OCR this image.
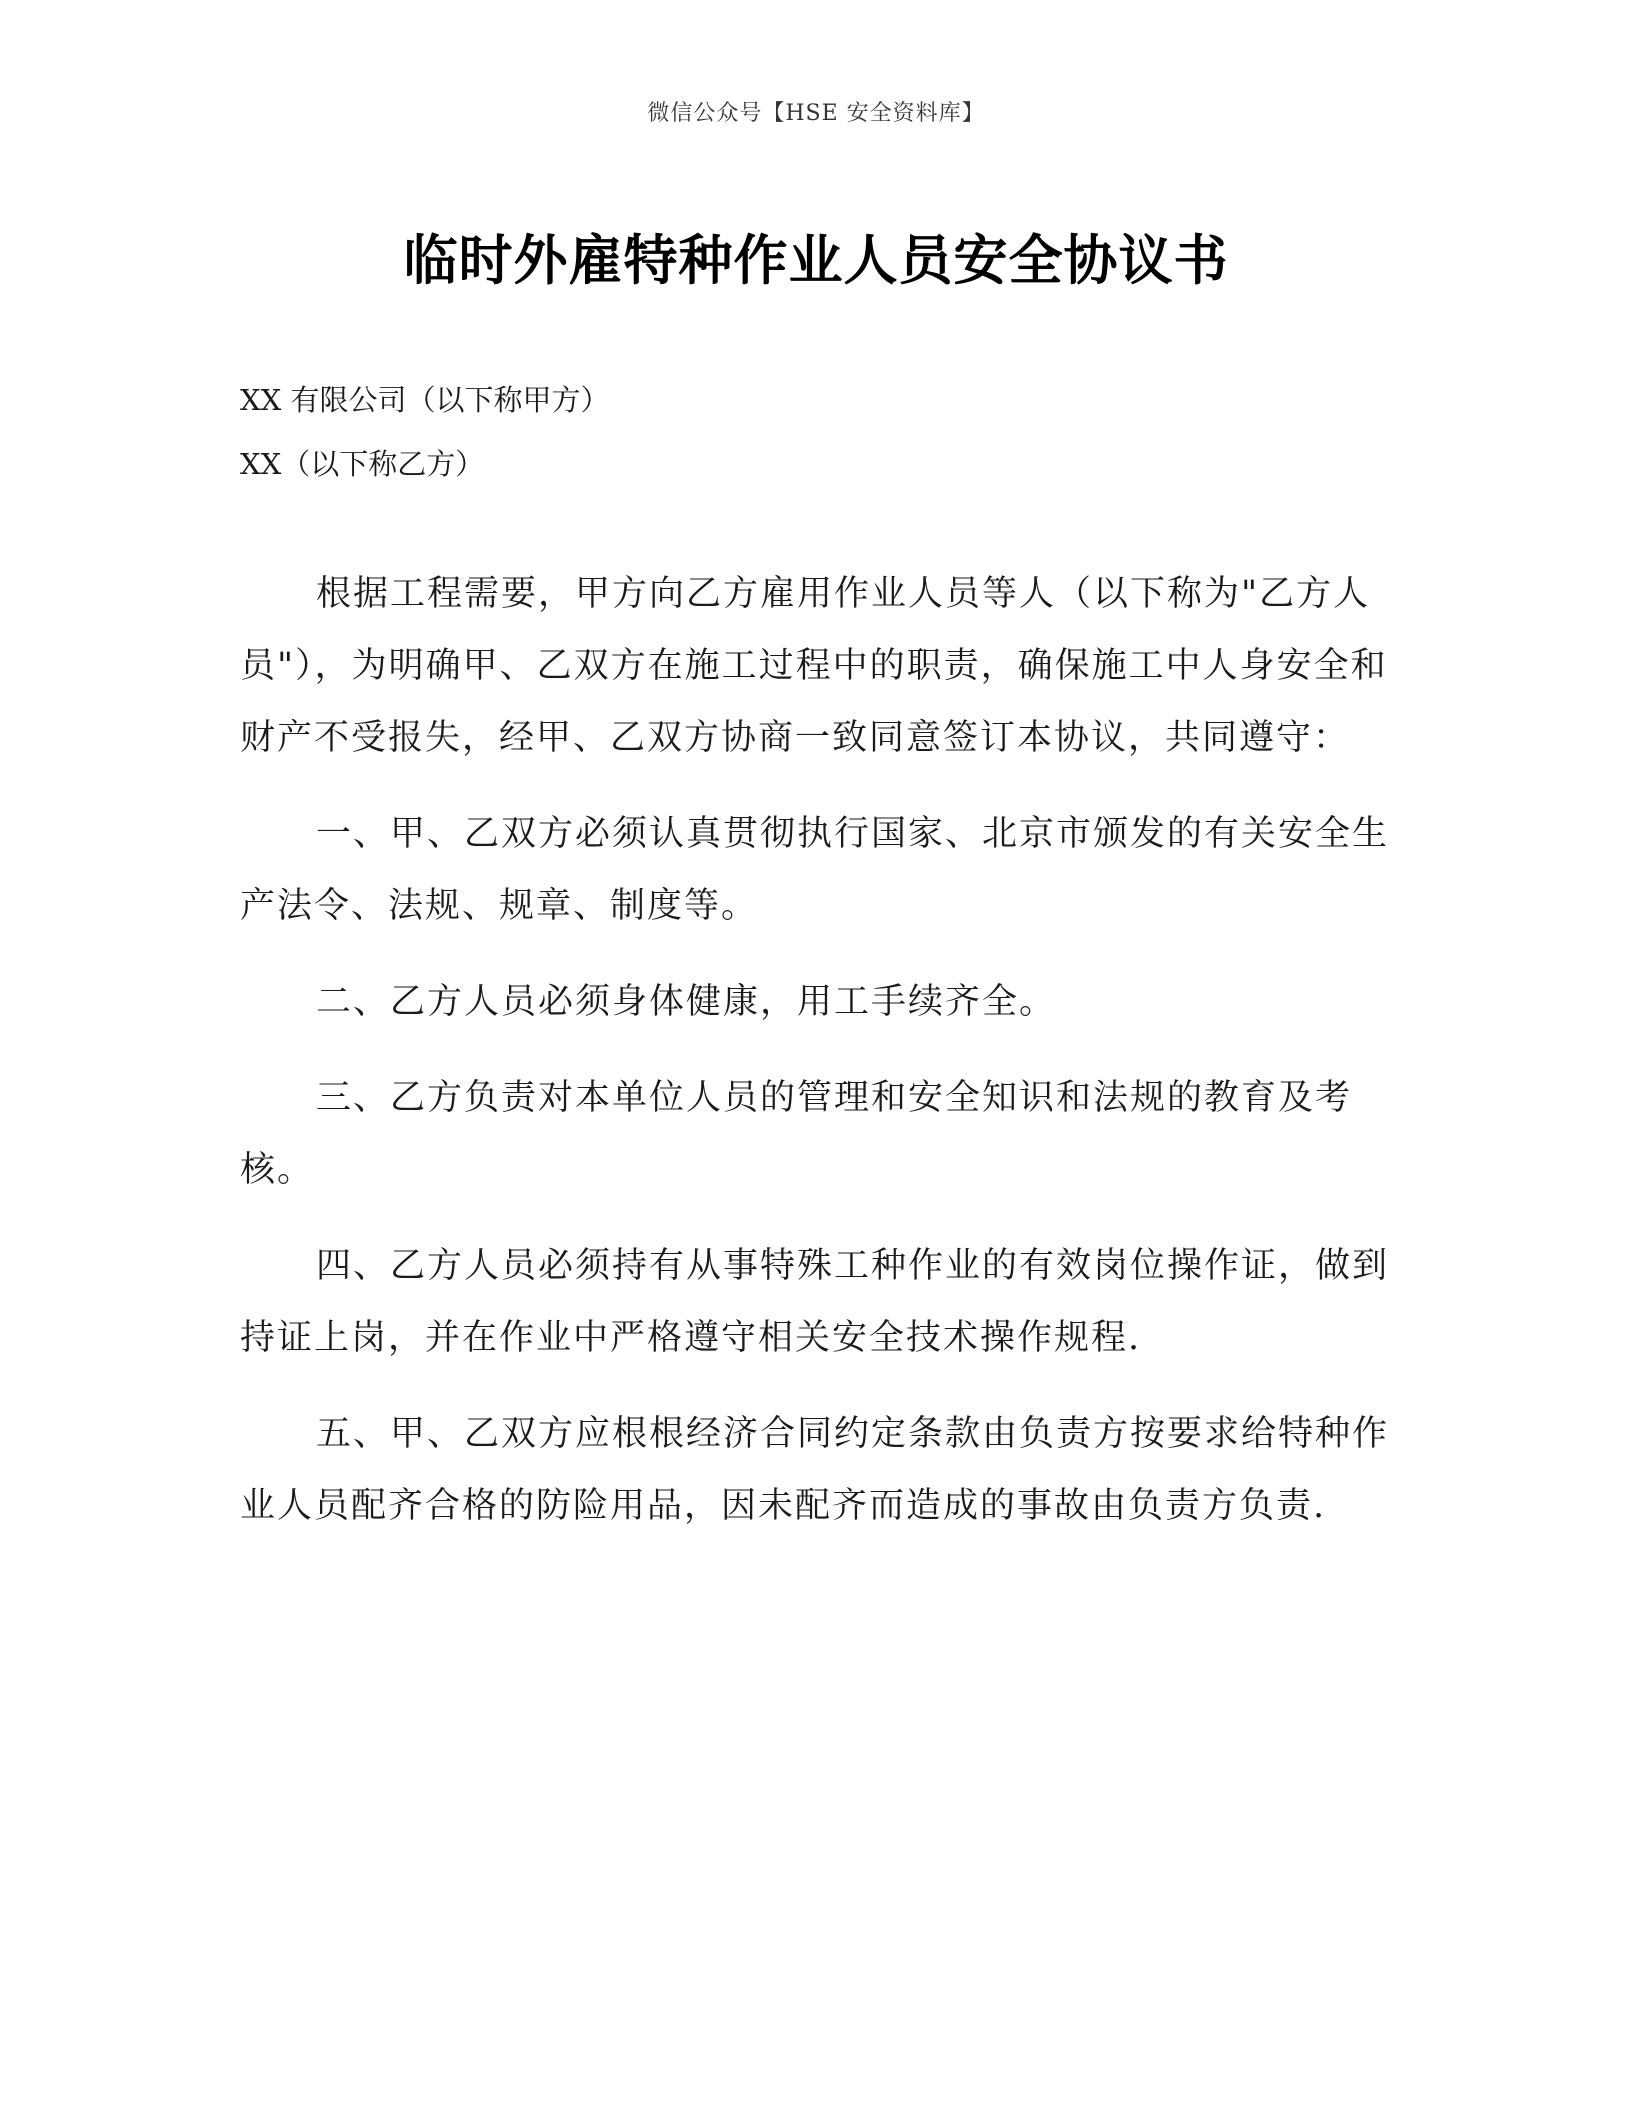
微信公众号【HSE 安全资料库】
临时外雇特种作业人员安全协议书
XX 有限公司（以下称甲方）
XX（以下称乙方）

根据工程需要，甲方向乙方雇用作业人员等人（以下称为"乙方人员"），为明确甲、乙双方在施工过程中的职责，确保施工中人身安全和财产不受报失，经甲、乙双方协商一致同意签订本协议，共同遵守：

一、甲、乙双方必须认真贯彻执行国家、北京市颁发的有关安全生产法令、法规、规章、制度等。

二、乙方人员必须身体健康，用工手续齐全。

三、乙方负责对本单位人员的管理和安全知识和法规的教育及考核。

四、乙方人员必须持有从事特殊工种作业的有效岗位操作证，做到持证上岗，并在作业中严格遵守相关安全技术操作规程.

五、甲、乙双方应根根经济合同约定条款由负责方按要求给特种作业人员配齐合格的防险用品，因未配齐而造成的事故由负责方负责.
